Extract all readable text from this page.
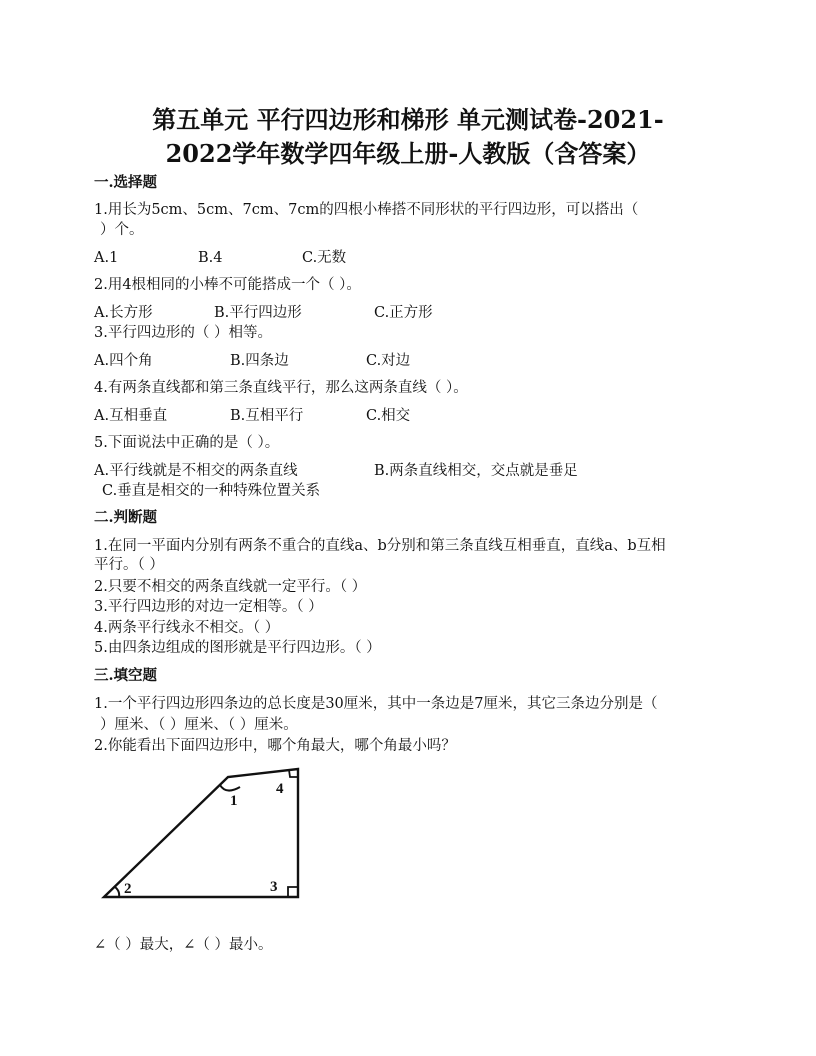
第五单元 平行四边形和梯形 单元测试卷-2021-
2022学年数学四年级上册-人教版（含答案）
一.选择题
1.用长为5cm、5cm、7cm、7cm的四根小棒搭不同形状的平行四边形，可以搭出（
）个。
A.1	B.4	C.无数
2.用4根相同的小棒不可能搭成一个（ ）。
A.长方形	B.平行四边形	C.正方形
3.平行四边形的（ ）相等。
A.四个角	B.四条边	C.对边
4.有两条直线都和第三条直线平行，那么这两条直线（ ）。
A.互相垂直	B.互相平行	C.相交
5.下面说法中正确的是（ ）。
A.平行线就是不相交的两条直线	B.两条直线相交，交点就是垂足
C.垂直是相交的一种特殊位置关系
二.判断题
1.在同一平面内分别有两条不重合的直线a、b分别和第三条直线互相垂直，直线a、b互相
平行。（ ）
2.只要不相交的两条直线就一定平行。（ ）
3.平行四边形的对边一定相等。（ ）
4.两条平行线永不相交。（ ）
5.由四条边组成的图形就是平行四边形。（ ）
三.填空题
1.一个平行四边形四条边的总长度是30厘米，其中一条边是7厘米，其它三条边分别是（
）厘米、（ ）厘米、（ ）厘米。
2.你能看出下面四边形中，哪个角最大，哪个角最小吗？
1
2	3
4
∠（ ）最大，∠（ ）最小。
